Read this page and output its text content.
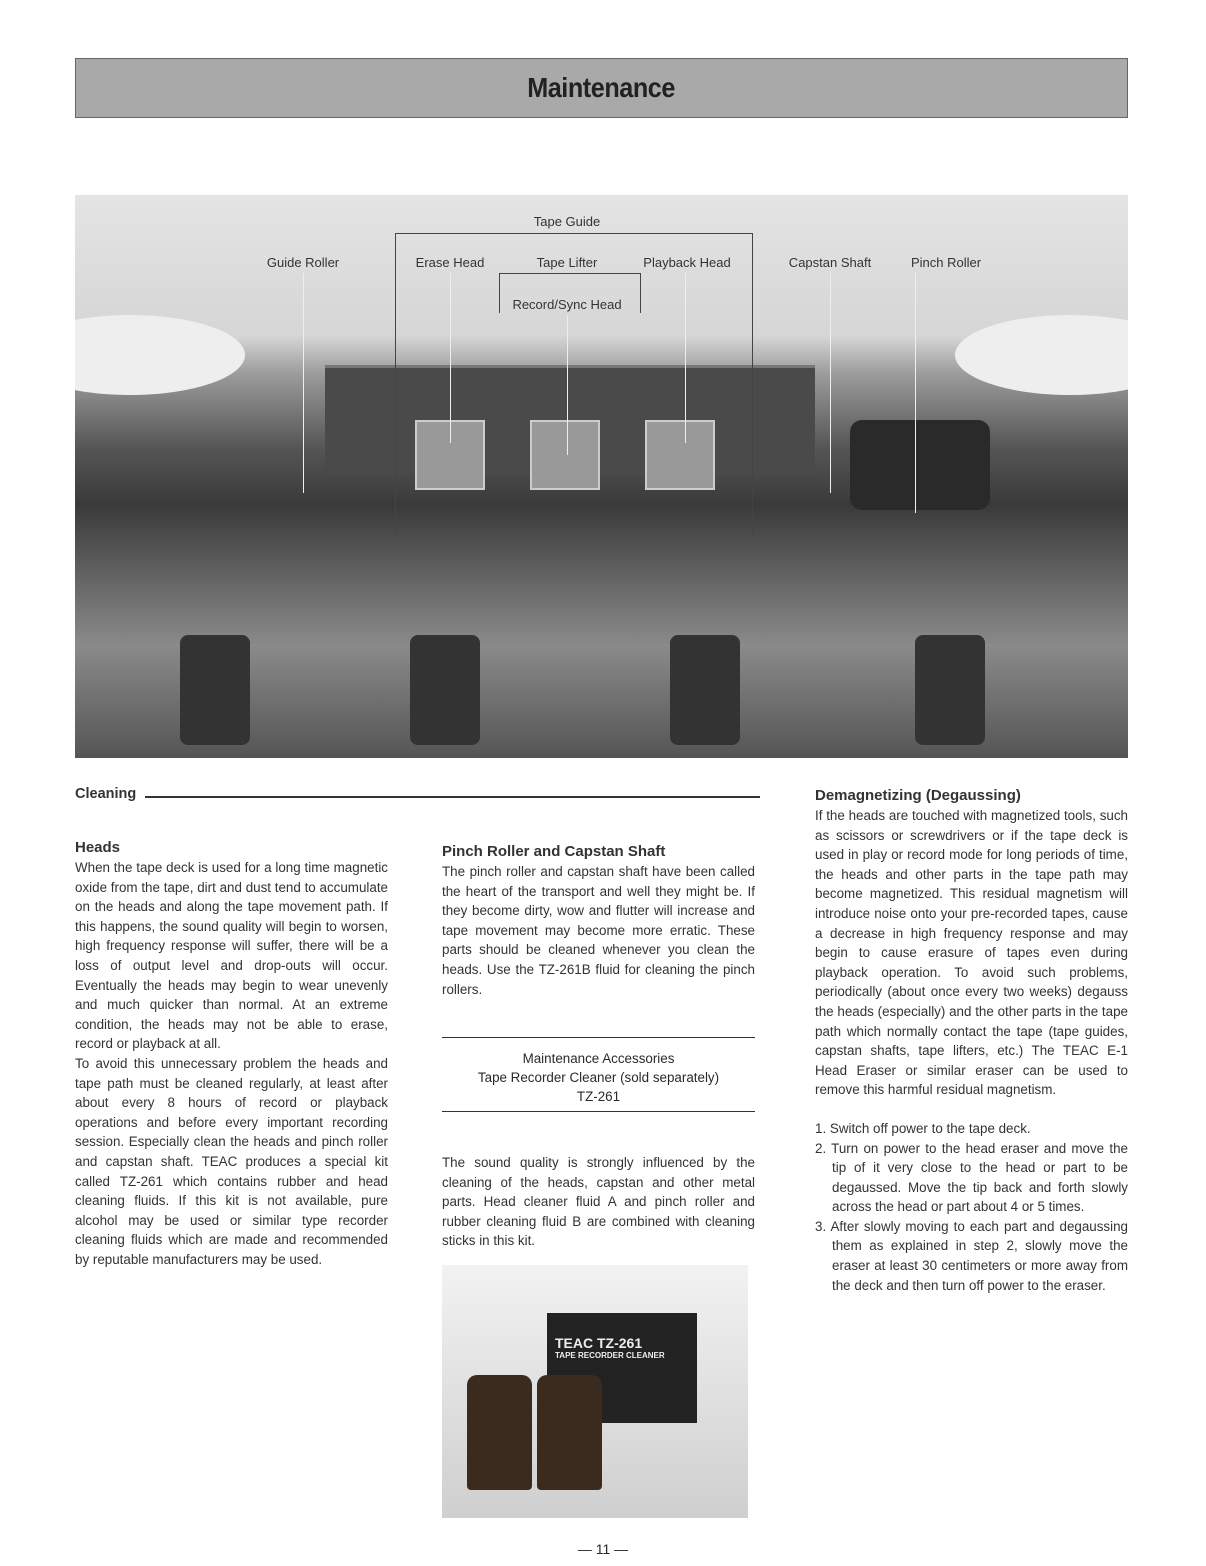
Maintenance
Tape Guide
Guide Roller	Erase Head	Tape Lifter	Playback Head	Capstan Shaft	Pinch Roller
Record/Sync Head
Cleaning
Heads

When the tape deck is used for a long time magnetic oxide from the tape, dirt and dust tend to accumulate on the heads and along the tape movement path. If this happens, the sound quality will begin to worsen, high frequency response will suffer, there will be a loss of output level and drop-outs will occur. Eventually the heads may begin to wear unevenly and much quicker than normal. At an extreme condition, the heads may not be able to erase, record or playback at all.

To avoid this unnecessary problem the heads and tape path must be cleaned regularly, at least after about every 8 hours of record or playback operations and before every important recording session. Especially clean the heads and pinch roller and capstan shaft. TEAC produces a special kit called TZ-261 which contains rubber and head cleaning fluids. If this kit is not available, pure alcohol may be used or similar type recorder cleaning fluids which are made and recommended by reputable manufacturers may be used.

Pinch Roller and Capstan Shaft

The pinch roller and capstan shaft have been called the heart of the transport and well they might be. If they become dirty, wow and flutter will increase and tape movement may become more erratic. These parts should be cleaned whenever you clean the heads. Use the TZ-261B fluid for cleaning the pinch rollers.

Maintenance Accessories
Tape Recorder Cleaner (sold separately)
TZ-261

The sound quality is strongly influenced by the cleaning of the heads, capstan and other metal parts. Head cleaner fluid A and pinch roller and rubber cleaning fluid B are combined with cleaning sticks in this kit.

TEAC TZ-261
TAPE RECORDER CLEANER
Demagnetizing (Degaussing)

If the heads are touched with magnetized tools, such as scissors or screwdrivers or if the tape deck is used in play or record mode for long periods of time, the heads and other parts in the tape path may become magnetized. This residual magnetism will introduce noise onto your pre-recorded tapes, cause a decrease in high frequency response and may begin to cause erasure of tapes even during playback operation. To avoid such problems, periodically (about once every two weeks) degauss the heads (especially) and the other parts in the tape path which normally contact the tape (tape guides, capstan shafts, tape lifters, etc.) The TEAC E-1 Head Eraser or similar eraser can be used to remove this harmful residual magnetism.

1. Switch off power to the tape deck.
2. Turn on power to the head eraser and move the tip of it very close to the head or part to be degaussed. Move the tip back and forth slowly across the head or part about 4 or 5 times.
3. After slowly moving to each part and degaussing them as explained in step 2, slowly move the eraser at least 30 centimeters or more away from the deck and then turn off power to the eraser.
— 11 —
